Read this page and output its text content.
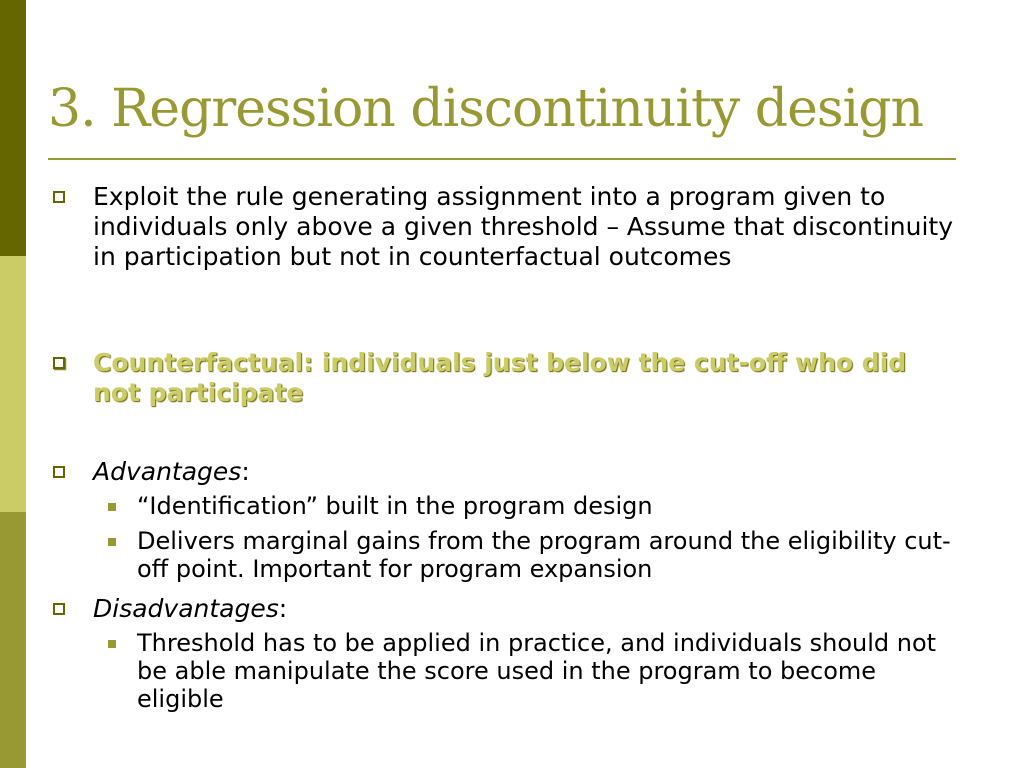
3. Regression discontinuity design
Exploit the rule generating assignment into a program given to individuals only above a given threshold – Assume that discontinuity in participation but not in counterfactual outcomes
Counterfactual: individuals just below the cut-off who did not participate
Advantages:
“Identification” built in the program design
Delivers marginal gains from the program around the eligibility cut-off point. Important for program expansion
Disadvantages:
Threshold has to be applied in practice, and individuals should not be able manipulate the score used in the program to become eligible
